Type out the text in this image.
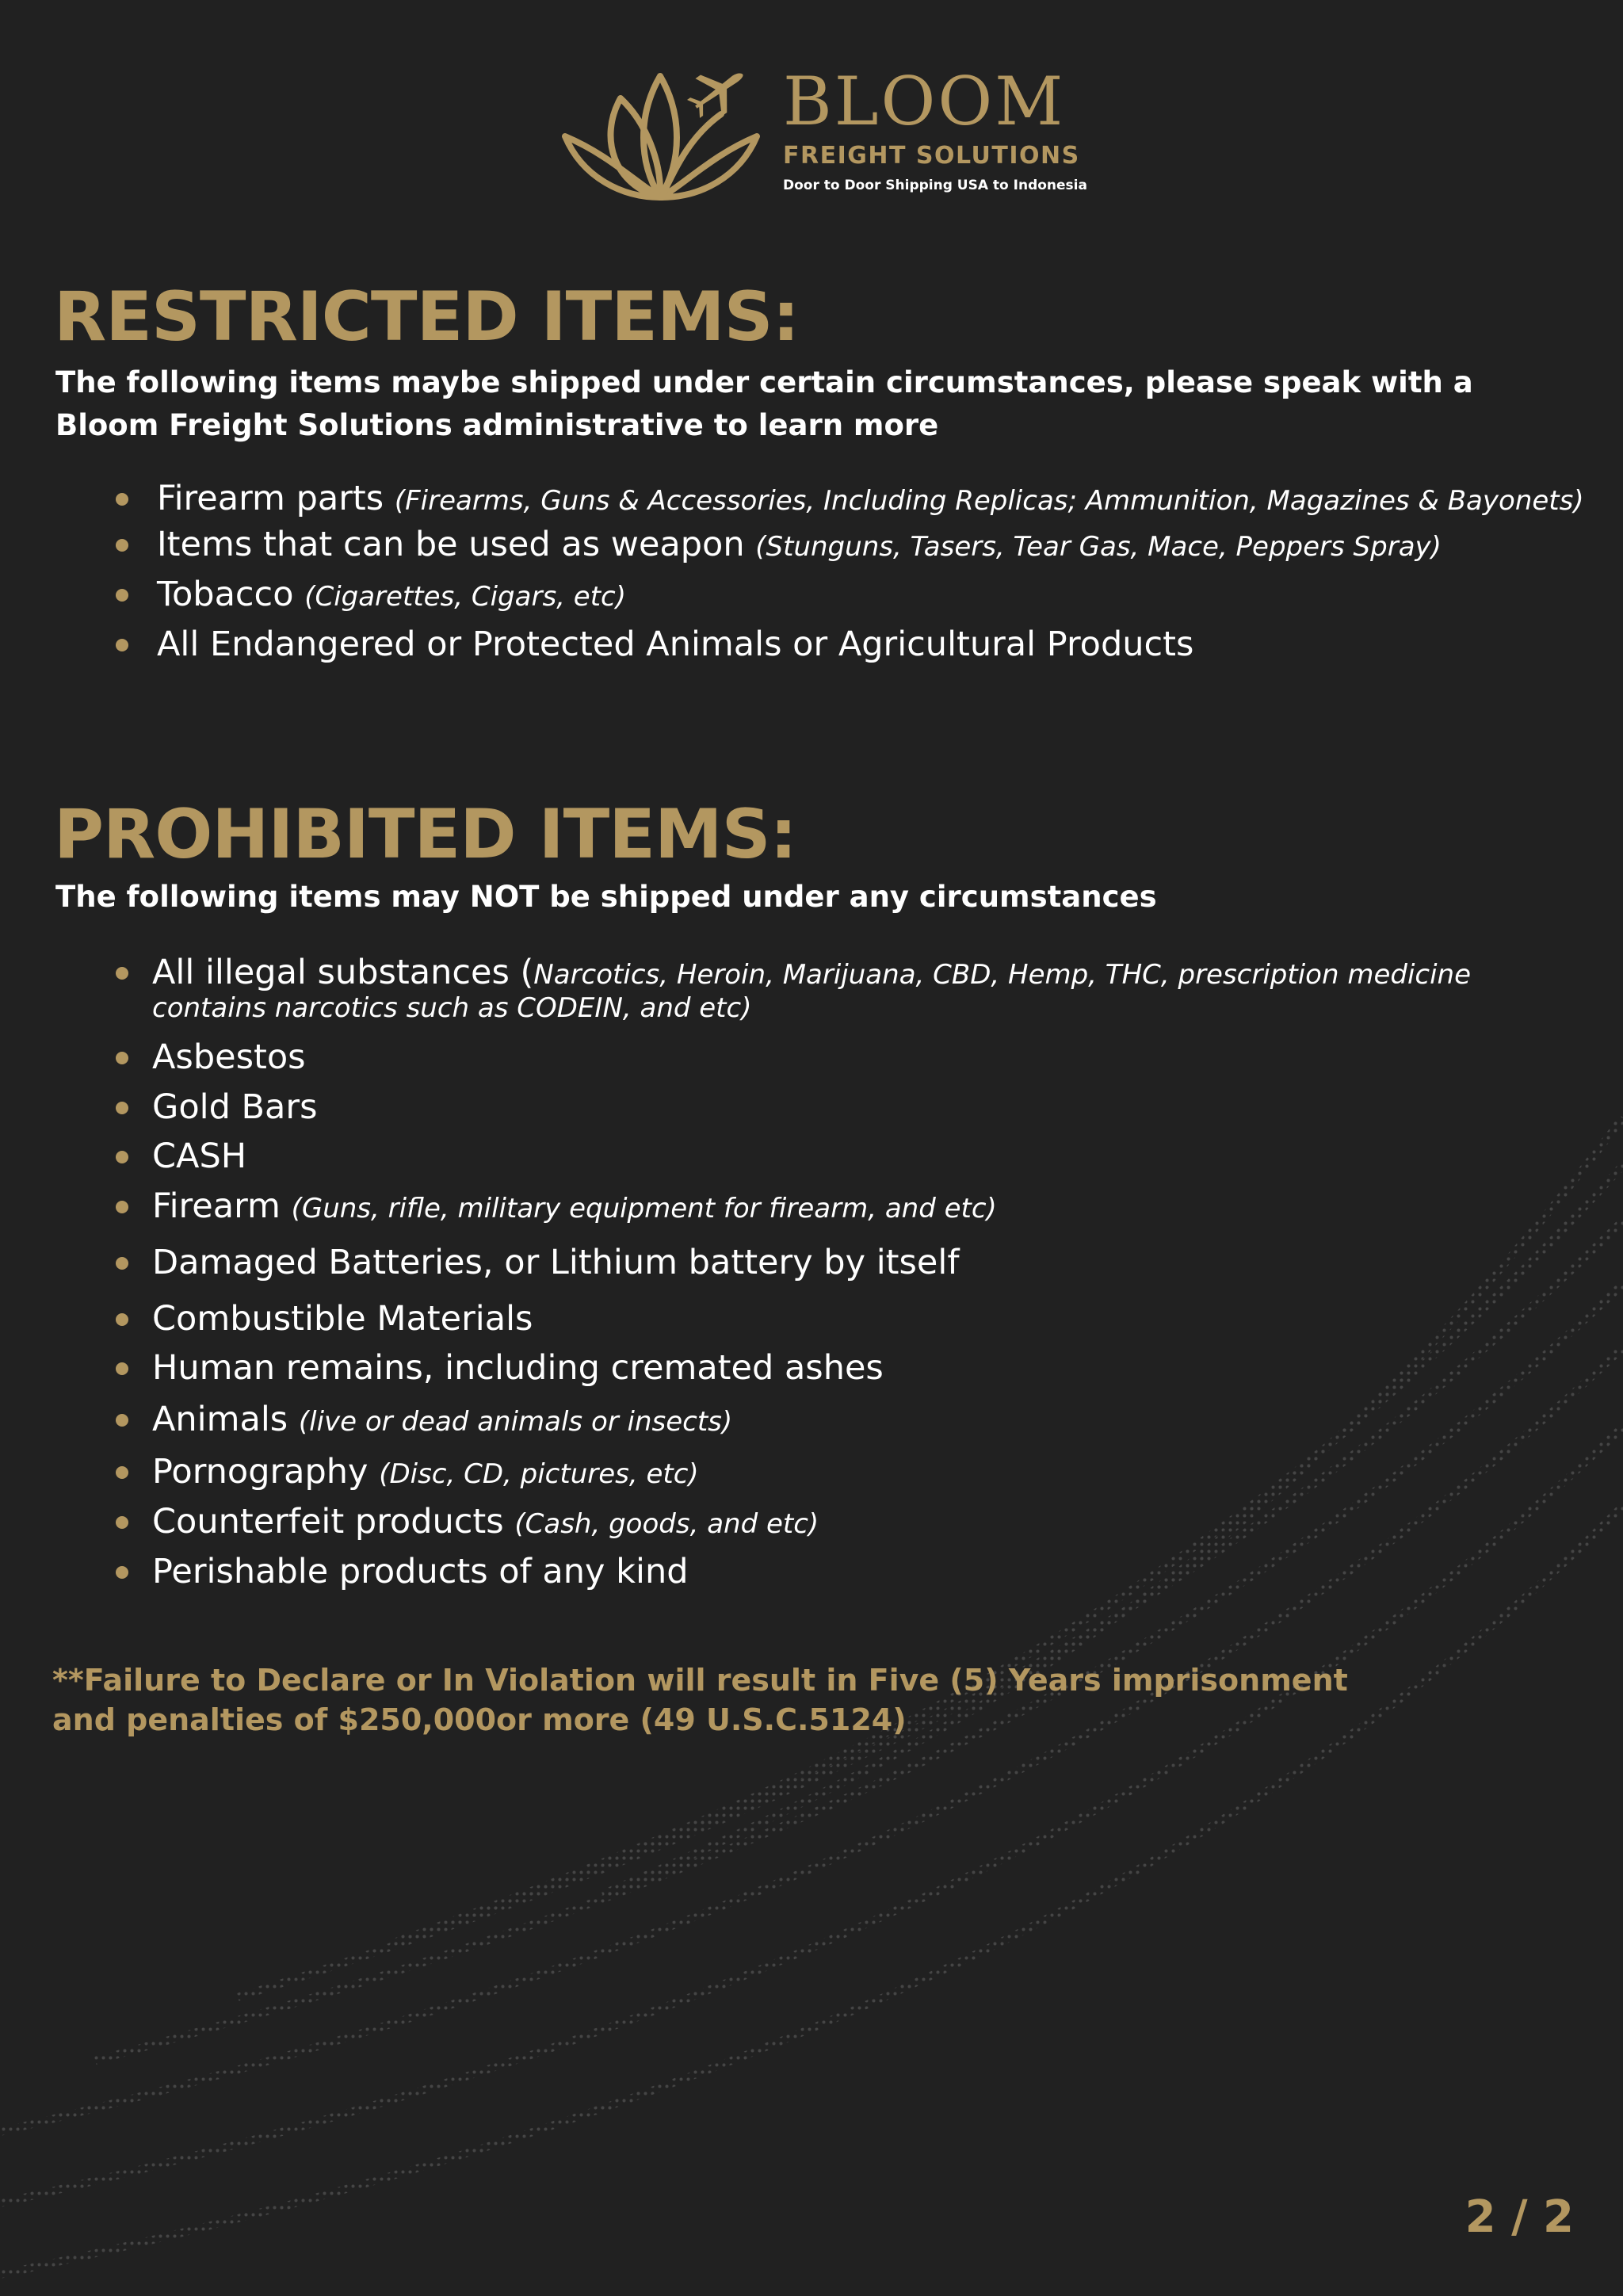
BLOOM
FREIGHT SOLUTIONS
Door to Door Shipping USA to Indonesia
RESTRICTED ITEMS:
The following items maybe shipped under certain circumstances, please speak with a Bloom Freight Solutions administrative to learn more
Firearm parts (Firearms, Guns & Accessories, Including Replicas; Ammunition, Magazines & Bayonets)
Items that can be used as weapon (Stunguns, Tasers, Tear Gas, Mace, Peppers Spray)
Tobacco (Cigarettes, Cigars, etc)
All Endangered or Protected Animals or Agricultural Products
PROHIBITED ITEMS:
The following items may NOT be shipped under any circumstances
All illegal substances (Narcotics, Heroin, Marijuana, CBD, Hemp, THC, prescription medicine
contains narcotics such as CODEIN, and etc)
Asbestos
Gold Bars
CASH
Firearm (Guns, rifle, military equipment for firearm, and etc)
Damaged Batteries, or Lithium battery by itself
Combustible Materials
Human remains, including cremated ashes
Animals (live or dead animals or insects)
Pornography (Disc, CD, pictures, etc)
Counterfeit products (Cash, goods, and etc)
Perishable products of any kind
**Failure to Declare or In Violation will result in Five (5) Years imprisonment
and penalties of $250,000or more (49 U.S.C.5124)
2 / 2
